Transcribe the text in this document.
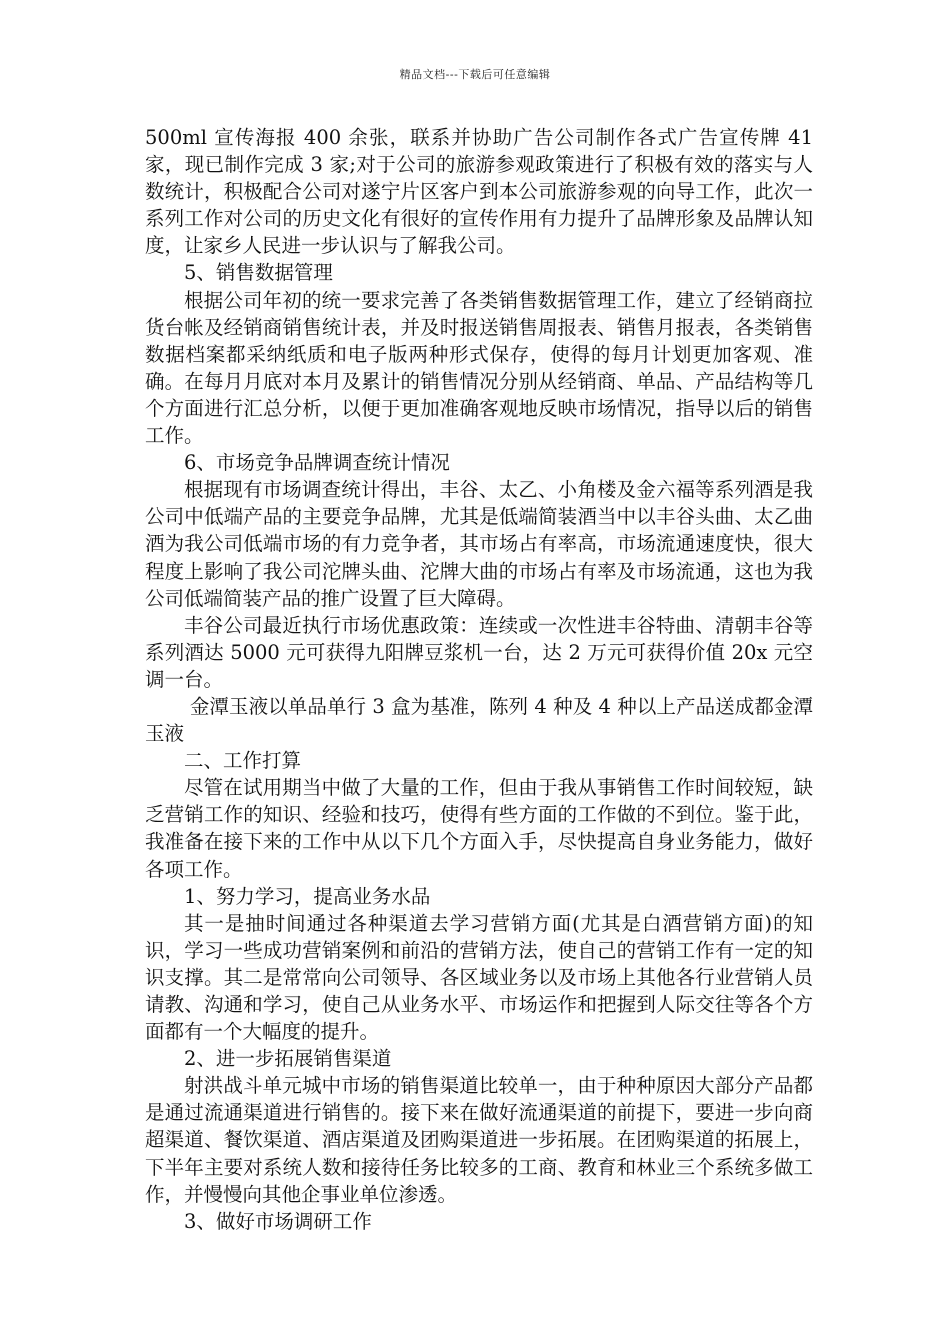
精品文档---下载后可任意编辑

500ml 宣传海报 400 余张，联系并协助广告公司制作各式广告宣传牌 41 家，现已制作完成 3 家;对于公司的旅游参观政策进行了积极有效的落实与人数统计，积极配合公司对遂宁片区客户到本公司旅游参观的向导工作，此次一系列工作对公司的历史文化有很好的宣传作用有力提升了品牌形象及品牌认知度，让家乡人民进一步认识与了解我公司。

5、销售数据管理

根据公司年初的统一要求完善了各类销售数据管理工作，建立了经销商拉货台帐及经销商销售统计表，并及时报送销售周报表、销售月报表，各类销售数据档案都采纳纸质和电子版两种形式保存，使得的每月计划更加客观、准确。在每月月底对本月及累计的销售情况分别从经销商、单品、产品结构等几个方面进行汇总分析，以便于更加准确客观地反映市场情况，指导以后的销售工作。

6、市场竞争品牌调查统计情况

根据现有市场调查统计得出，丰谷、太乙、小角楼及金六福等系列酒是我公司中低端产品的主要竞争品牌，尤其是低端简装酒当中以丰谷头曲、太乙曲酒为我公司低端市场的有力竞争者，其市场占有率高，市场流通速度快，很大程度上影响了我公司沱牌头曲、沱牌大曲的市场占有率及市场流通，这也为我公司低端简装产品的推广设置了巨大障碍。

丰谷公司最近执行市场优惠政策：连续或一次性进丰谷特曲、清朝丰谷等系列酒达 5000 元可获得九阳牌豆浆机一台，达 2 万元可获得价值 20x 元空调一台。

金潭玉液以单品单行 3 盒为基准，陈列 4 种及 4 种以上产品送成都金潭玉液

二、工作打算

尽管在试用期当中做了大量的工作，但由于我从事销售工作时间较短，缺乏营销工作的知识、经验和技巧，使得有些方面的工作做的不到位。鉴于此，我准备在接下来的工作中从以下几个方面入手，尽快提高自身业务能力，做好各项工作。

1、努力学习，提高业务水品

其一是抽时间通过各种渠道去学习营销方面(尤其是白酒营销方面)的知识，学习一些成功营销案例和前沿的营销方法，使自己的营销工作有一定的知识支撑。其二是常常向公司领导、各区域业务以及市场上其他各行业营销人员请教、沟通和学习，使自己从业务水平、市场运作和把握到人际交往等各个方面都有一个大幅度的提升。

2、进一步拓展销售渠道

射洪战斗单元城中市场的销售渠道比较单一，由于种种原因大部分产品都是通过流通渠道进行销售的。接下来在做好流通渠道的前提下，要进一步向商超渠道、餐饮渠道、酒店渠道及团购渠道进一步拓展。在团购渠道的拓展上，下半年主要对系统人数和接待任务比较多的工商、教育和林业三个系统多做工作，并慢慢向其他企事业单位渗透。

3、做好市场调研工作
